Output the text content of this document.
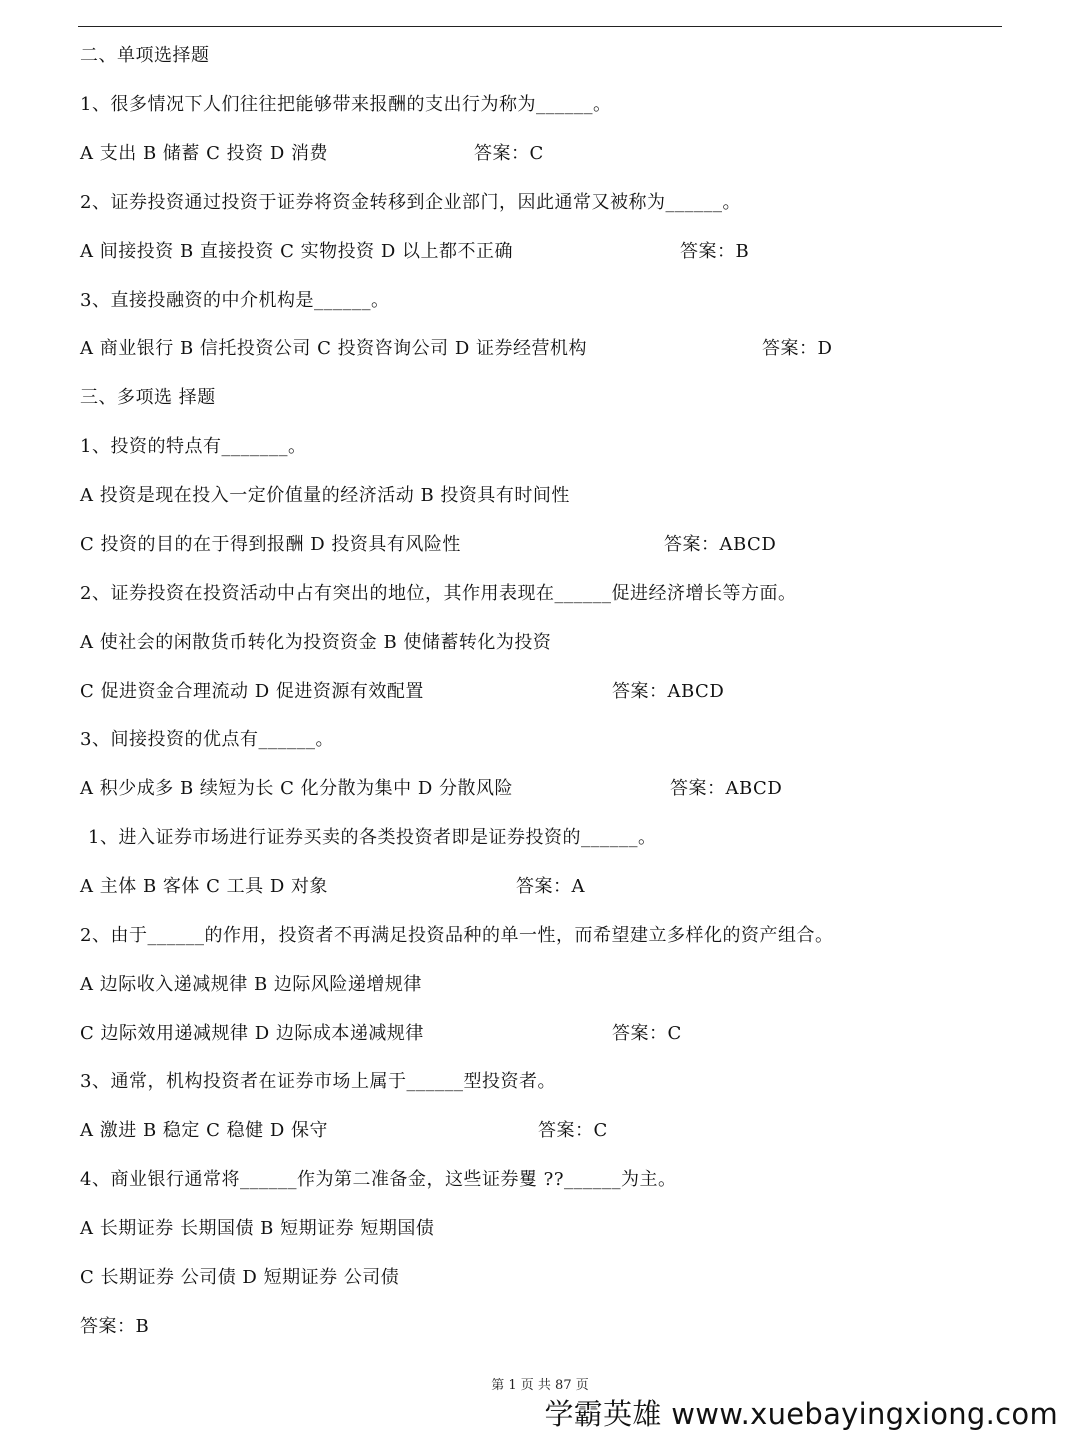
二、单项选择题
1、很多情况下人们往往把能够带来报酬的支出行为称为______。
A 支出 B 储蓄 C 投资 D 消费	答案：C
2、证券投资通过投资于证券将资金转移到企业部门，因此通常又被称为______。
A 间接投资 B 直接投资 C 实物投资 D 以上都不正确	答案：B
3、直接投融资的中介机构是______。
A 商业银行 B 信托投资公司 C 投资咨询公司 D 证券经营机构	答案：D
三、多项选 择题
1、投资的特点有_______。
A 投资是现在投入一定价值量的经济活动 B 投资具有时间性
C 投资的目的在于得到报酬 D 投资具有风险性	答案：ABCD
2、证券投资在投资活动中占有突出的地位，其作用表现在______促进经济增长等方面。
A 使社会的闲散货币转化为投资资金 B 使储蓄转化为投资
C 促进资金合理流动 D 促进资源有效配置	答案：ABCD
3、间接投资的优点有______。
A 积少成多 B 续短为长 C 化分散为集中 D 分散风险	答案：ABCD
1、进入证券市场进行证券买卖的各类投资者即是证券投资的______。
A 主体 B 客体 C 工具 D 对象	答案：A
2、由于______的作用，投资者不再满足投资品种的单一性，而希望建立多样化的资产组合。
A 边际收入递减规律 B 边际风险递增规律
C 边际效用递减规律 D 边际成本递减规律	答案：C
3、通常，机构投资者在证券市场上属于______型投资者。
A 激进 B 稳定 C 稳健 D 保守	答案：C
4、商业银行通常将______作为第二准备金，这些证券矍 ??______为主。
A 长期证券 长期国债 B 短期证券 短期国债
C 长期证券 公司债 D 短期证券 公司债
答案：B
第 1 页 共 87 页
学霸英雄 www.xuebayingxiong.com
